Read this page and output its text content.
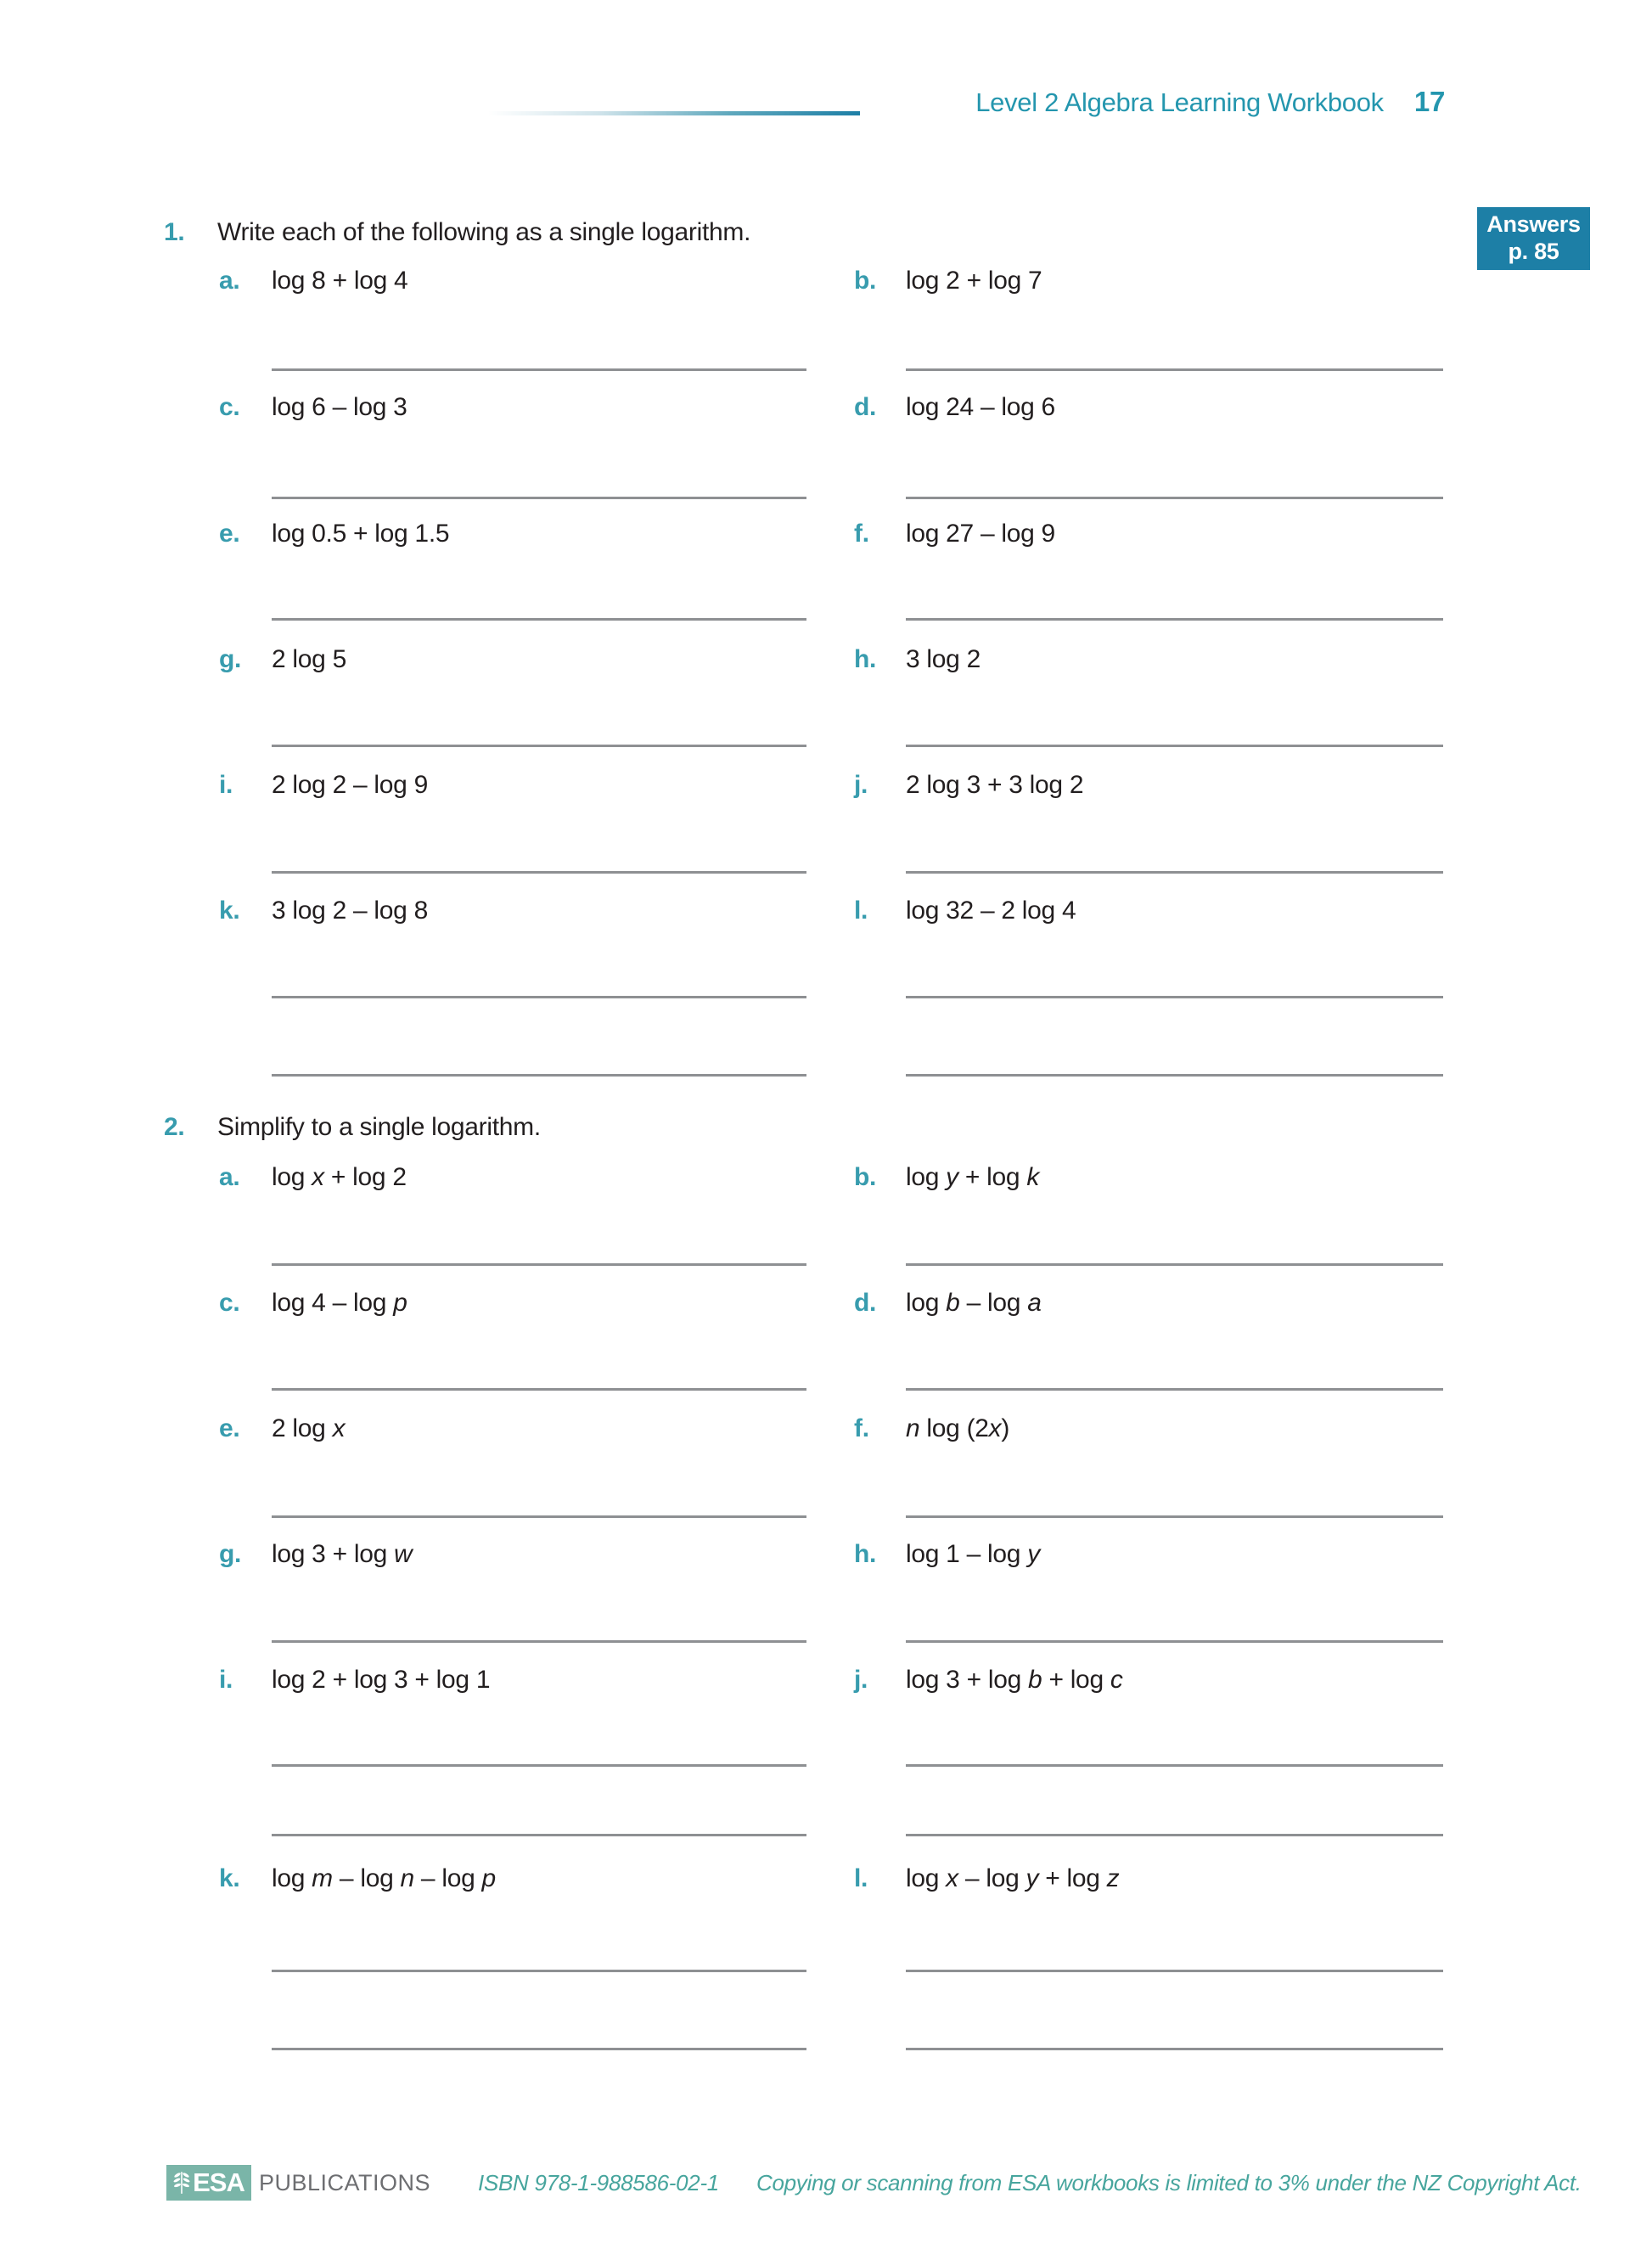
Level 2 Algebra Learning Workbook 17
Answers
p. 85
1. Write each of the following as a single logarithm.
a. log 8 + log 4	b. log 2 + log 7
c. log 6 – log 3	d. log 24 – log 6
e. log 0.5 + log 1.5	f. log 27 – log 9
g. 2 log 5	h. 3 log 2
i. 2 log 2 – log 9	j. 2 log 3 + 3 log 2
k. 3 log 2 – log 8	l. log 32 – 2 log 4
2. Simplify to a single logarithm.
a. log x + log 2	b. log y + log k
c. log 4 – log p	d. log b – log a
e. 2 log x	f. n log (2x)
g. log 3 + log w	h. log 1 – log y
i. log 2 + log 3 + log 1	j. log 3 + log b + log c
k. log m – log n – log p	l. log x – log y + log z
ESA PUBLICATIONS ISBN 978-1-988586-02-1 Copying or scanning from ESA workbooks is limited to 3% under the NZ Copyright Act.
